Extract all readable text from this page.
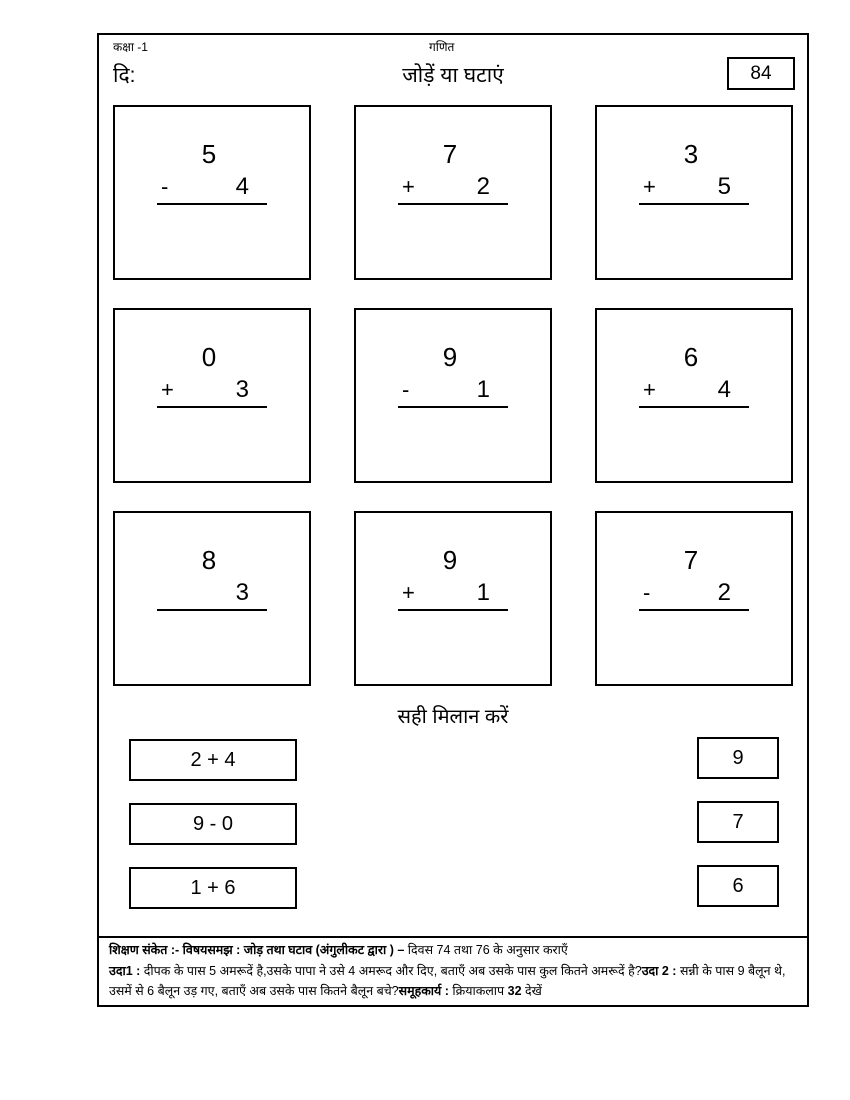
कक्षा -1	गणित
दि:	जोड़ें या घटाएं	84
5
-	4
7
+	2
3
+	5
0
+	3
9
-	1
6
+	4
8
3
9
+	1
7
-	2
सही मिलान करें
2 + 4
9 - 0
1 + 6
9
7
6
शिक्षण संकेत :- विषयसमझ : जोड़ तथा घटाव (अंगुलीकट द्वारा ) – दिवस 74 तथा 76 के अनुसार कराएँ
उदा1 : दीपक के पास 5 अमरूदें है,उसके पापा ने उसे 4 अमरूद और दिए, बताएँ अब उसके पास कुल कितने अमरूदें है?उदा 2 : सन्नी के पास 9 बैलून थे, उसमें से 6 बैलून उड़ गए, बताएँ अब उसके पास कितने बैलून बचे?समूहकार्य : क्रियाकलाप 32 देखें
